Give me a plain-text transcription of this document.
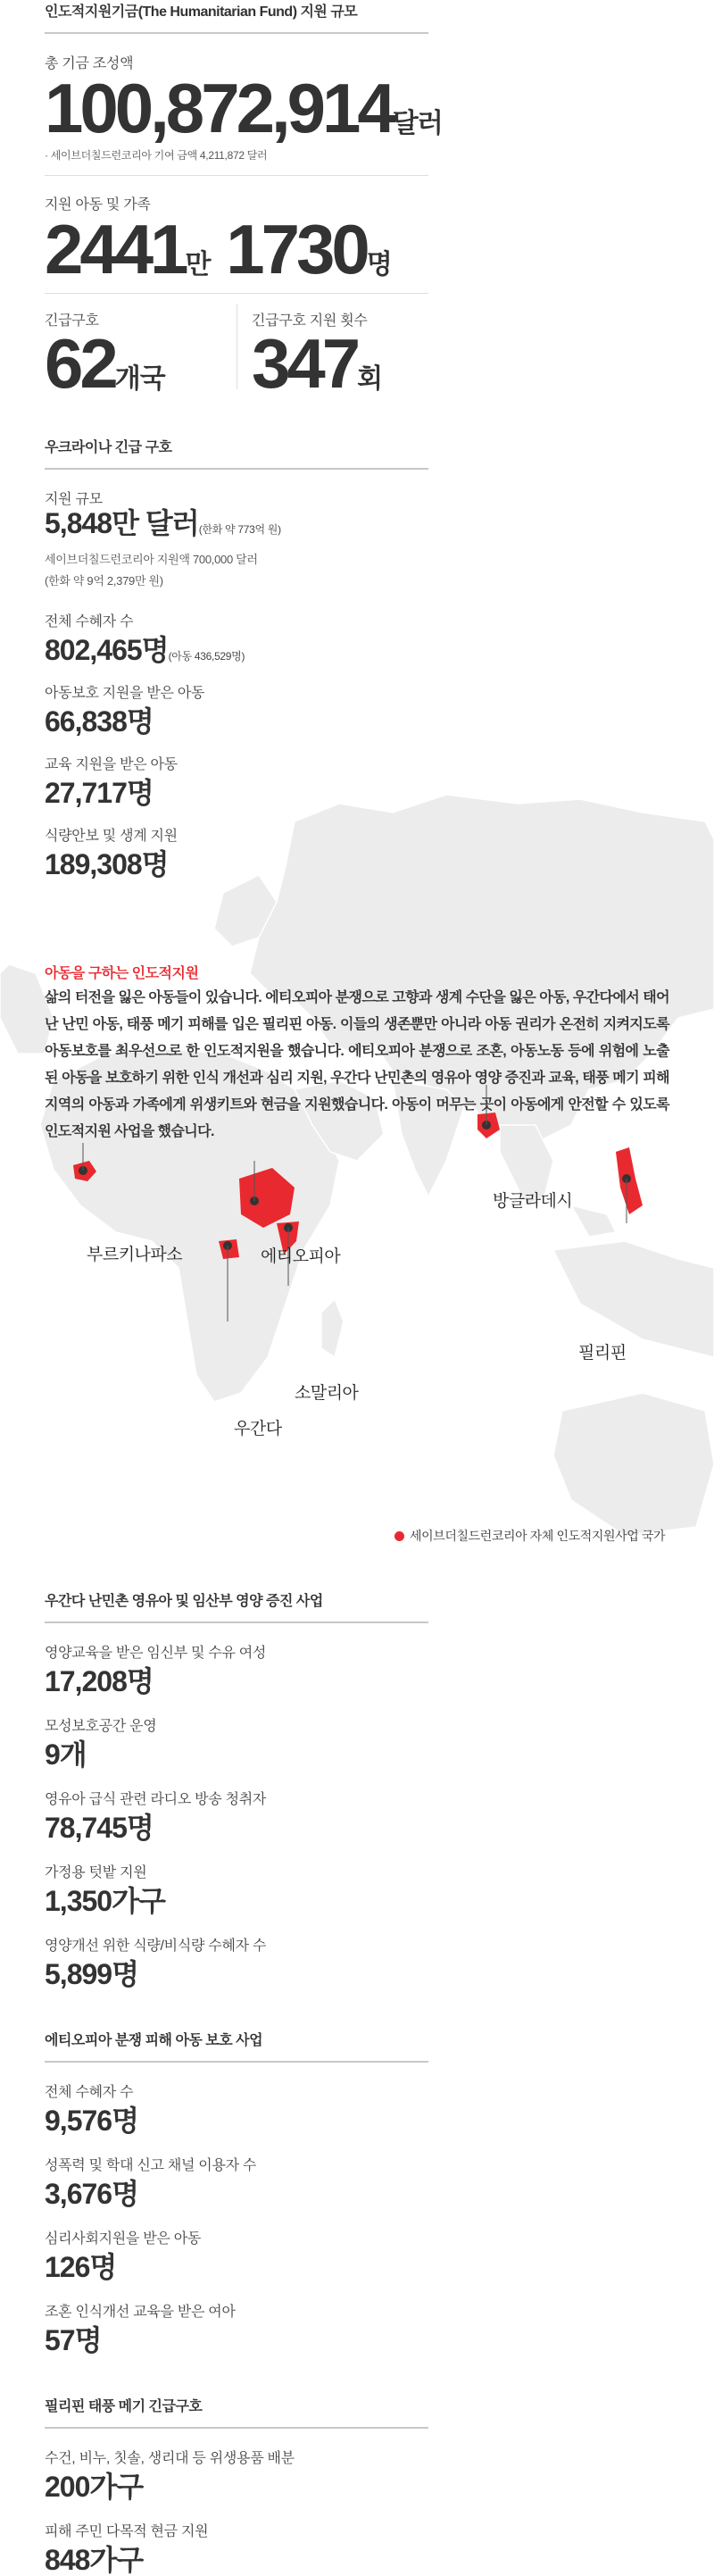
인도적지원기금(The Humanitarian Fund) 지원 규모
총 기금 조성액
100,872,914달러
· 세이브더칠드런코리아 기여 금액 4,211,872 달러
지원 아동 및 가족
2441만 1730명
긴급구호
62개국
긴급구호 지원 횟수
347회
우크라이나 긴급 구호
지원 규모
5,848만 달러(한화 약 773억 원)
세이브더칠드런코리아 지원액 700,000 달러
(한화 약 9억 2,379만 원)
전체 수혜자 수
802,465명(아동 436,529명)
아동보호 지원을 받은 아동
66,838명
교육 지원을 받은 아동
27,717명
식량안보 및 생계 지원
189,308명
아동을 구하는 인도적지원
삶의 터전을 잃은 아동들이 있습니다. 에티오피아 분쟁으로 고향과 생계 수단을 잃은 아동, 우간다에서 태어난 난민 아동, 태풍 메기 피해를 입은 필리핀 아동. 이들의 생존뿐만 아니라 아동 권리가 온전히 지켜지도록 아동보호를 최우선으로 한 인도적지원을 했습니다. 에티오피아 분쟁으로 조혼, 아동노동 등에 위험에 노출된 아동을 보호하기 위한 인식 개선과 심리 지원, 우간다 난민촌의 영유아 영양 증진과 교육, 태풍 메기 피해 지역의 아동과 가족에게 위생키트와 현금을 지원했습니다. 아동이 머무는 곳이 아동에게 안전할 수 있도록 인도적지원 사업을 했습니다.
부르키나파소	에티오피아
우간다
소말리아
방글라데시
필리핀
세이브더칠드런코리아 자체 인도적지원사업 국가
우간다 난민촌 영유아 및 임산부 영양 증진 사업
영양교육을 받은 임신부 및 수유 여성
17,208명
모성보호공간 운영
9개
영유아 급식 관련 라디오 방송 청취자
78,745명
가정용 텃밭 지원
1,350가구
영양개선 위한 식량/비식량 수혜자 수
5,899명
에티오피아 분쟁 피해 아동 보호 사업
전체 수혜자 수
9,576명
성폭력 및 학대 신고 채널 이용자 수
3,676명
심리사회지원을 받은 아동
126명
조혼 인식개선 교육을 받은 여아
57명
필리핀 태풍 메기 긴급구호
수건, 비누, 칫솔, 생리대 등 위생용품 배분
200가구
피해 주민 다목적 현금 지원
848가구
